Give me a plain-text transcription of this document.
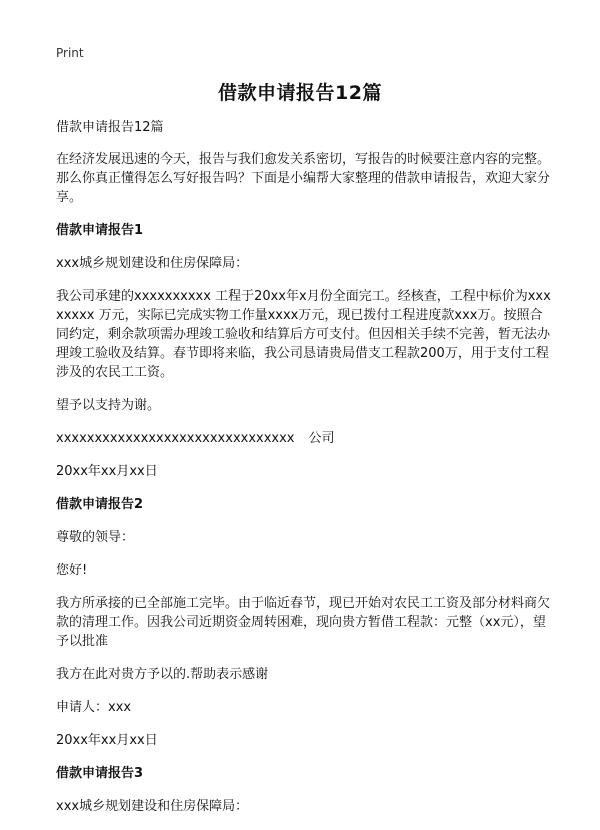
Print
借款申请报告12篇

借款申请报告12篇

在经济发展迅速的今天，报告与我们愈发关系密切，写报告的时候要注意内容的完整。那么你真正懂得怎么写好报告吗？下面是小编帮大家整理的借款申请报告，欢迎大家分享。

借款申请报告1

xxx城乡规划建设和住房保障局：

我公司承建的xxxxxxxxxx 工程于20xx年x月份全面完工。经核查，工程中标价为xxxxxxxx 万元，实际已完成实物工作量xxxx万元，现已拨付工程进度款xxx万。按照合同约定，剩余款项需办理竣工验收和结算后方可支付。但因相关手续不完善，暂无法办理竣工验收及结算。春节即将来临，我公司恳请贵局借支工程款200万，用于支付工程涉及的农民工工资。

望予以支持为谢。

xxxxxxxxxxxxxxxxxxxxxxxxxxxxxxx 公司

20xx年xx月xx日

借款申请报告2

尊敬的领导：

您好!

我方所承接的已全部施工完毕。由于临近春节，现已开始对农民工工资及部分材料商欠款的清理工作。因我公司近期资金周转困难，现向贵方暂借工程款：元整（xx元），望予以批准

我方在此对贵方予以的.帮助表示感谢

申请人：xxx

20xx年xx月xx日

借款申请报告3

xxx城乡规划建设和住房保障局：
